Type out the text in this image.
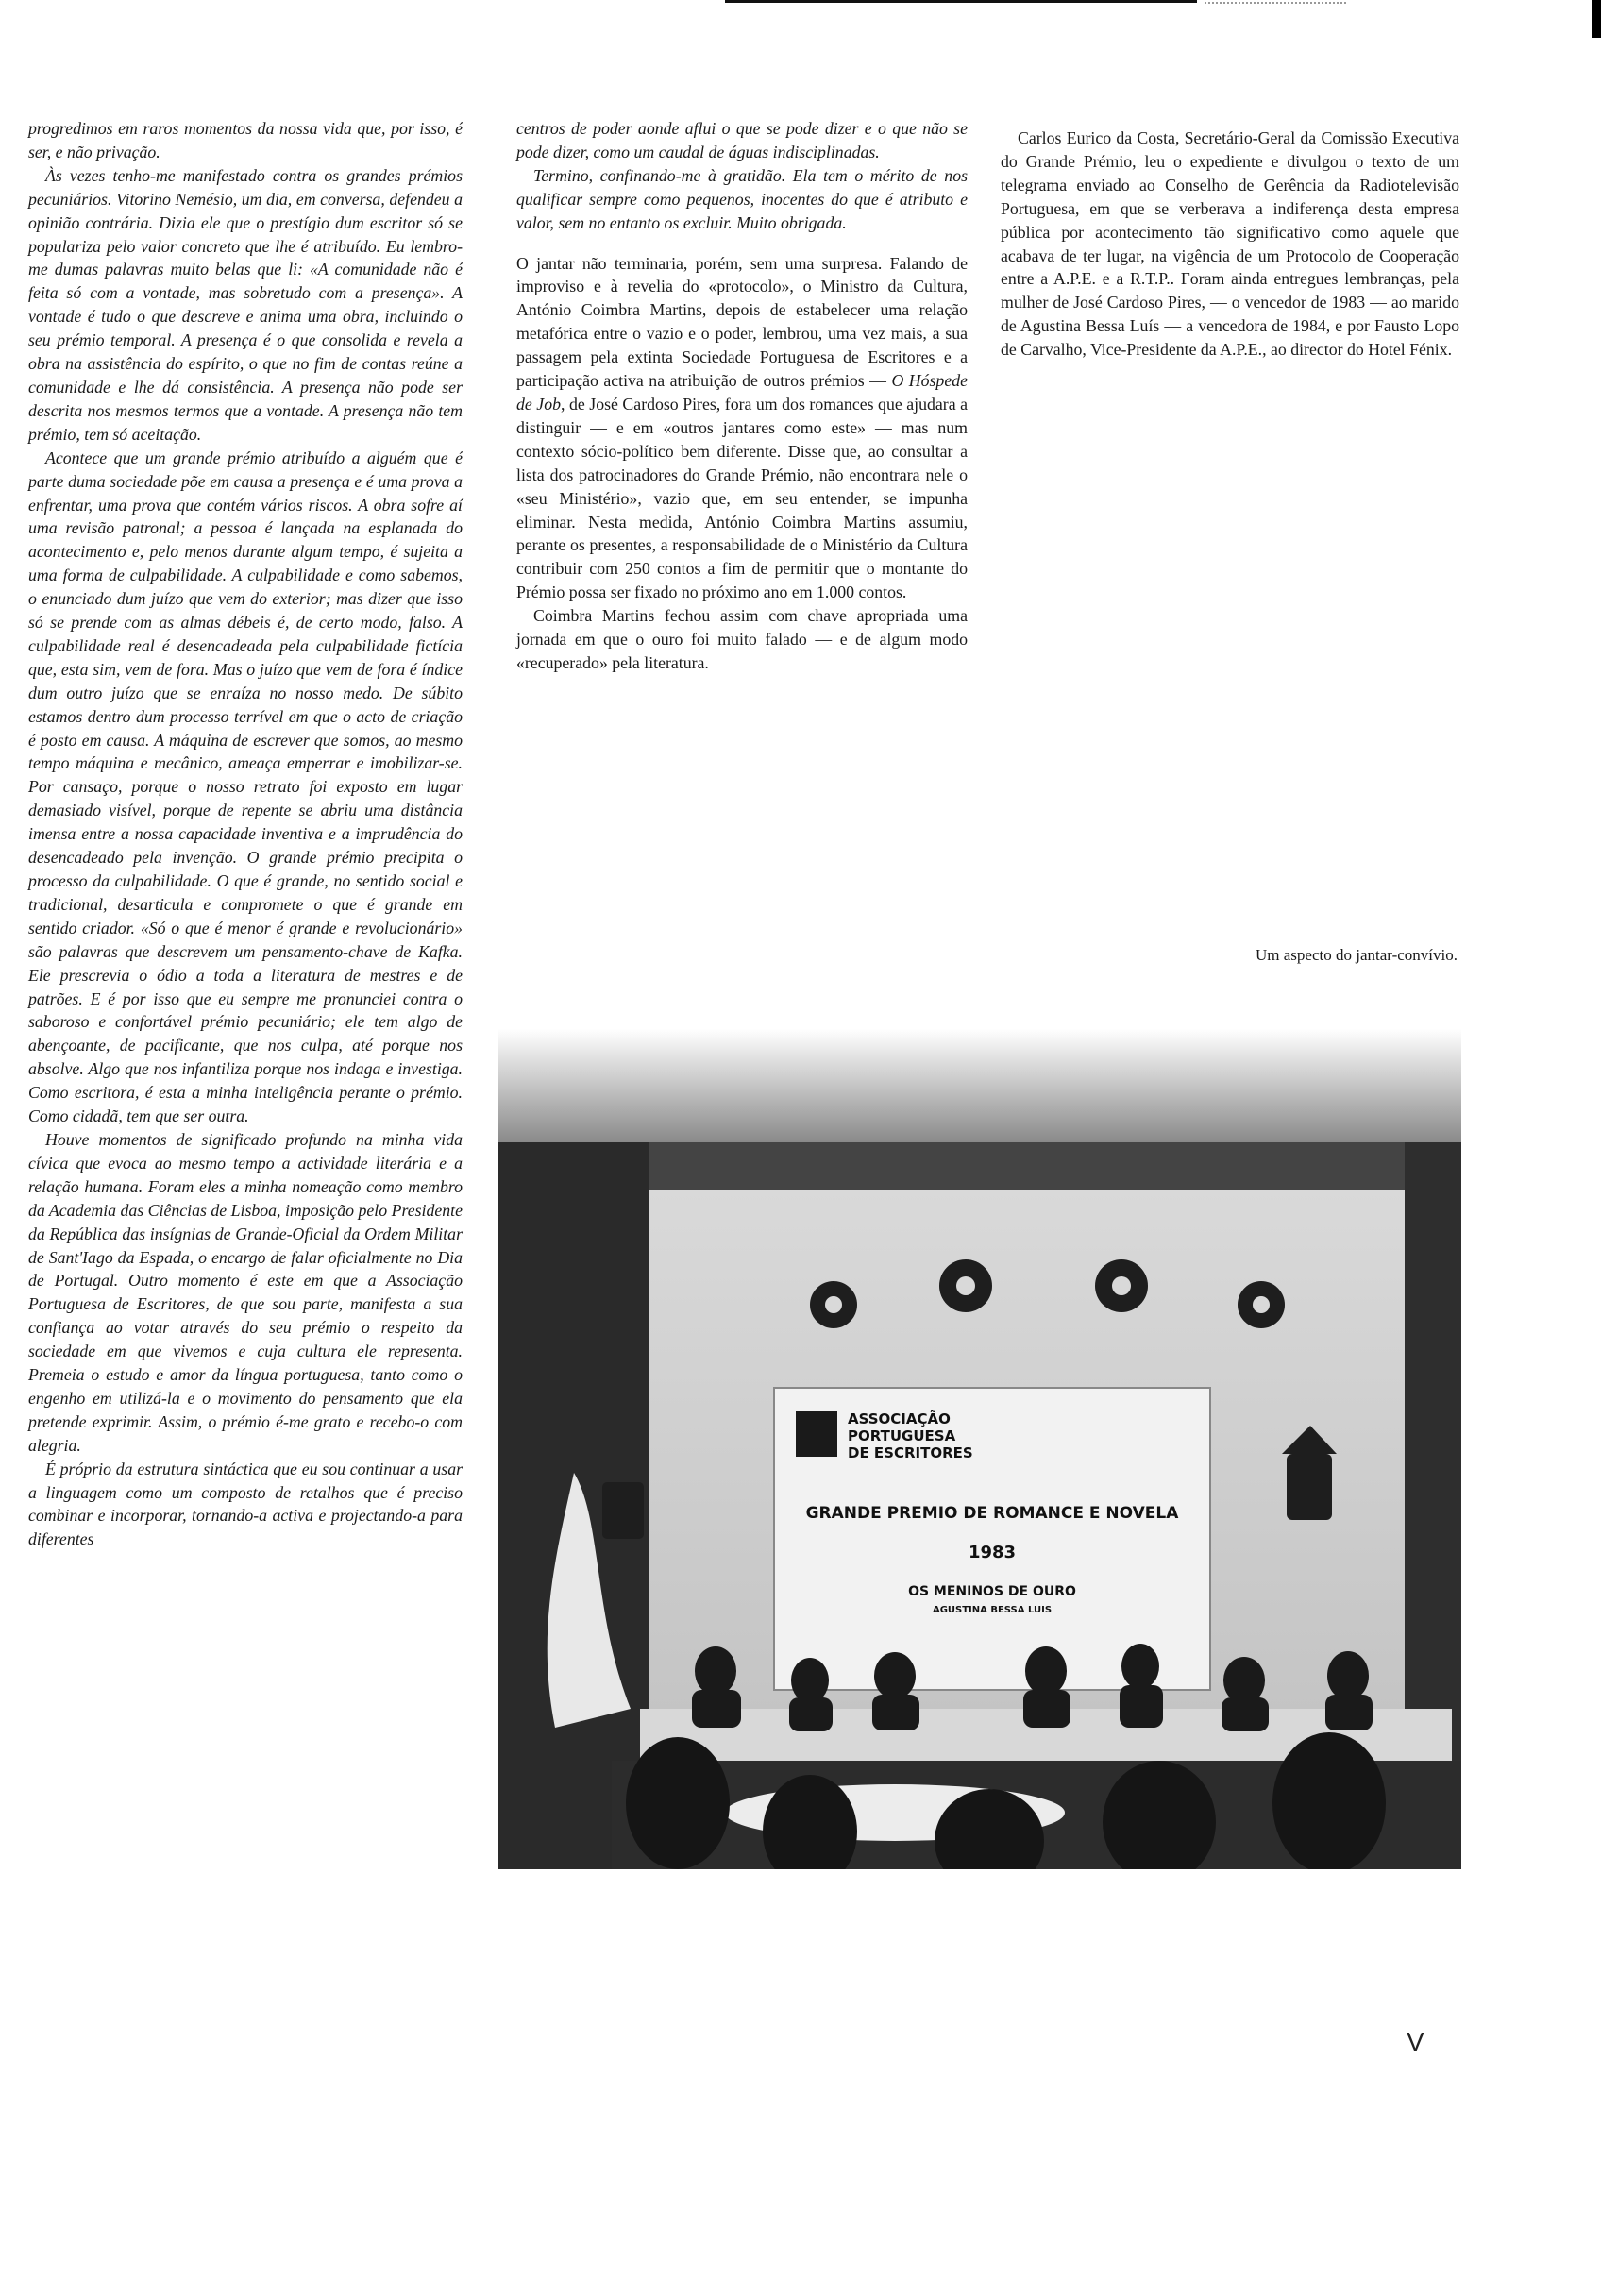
progredimos em raros momentos da nossa vida que, por isso, é ser, e não privação.

Às vezes tenho-me manifestado contra os grandes prémios pecuniários. Vitorino Nemésio, um dia, em conversa, defendeu a opinião contrária. Dizia ele que o prestígio dum escritor só se populariza pelo valor concreto que lhe é atribuído. Eu lembro-me dumas palavras muito belas que li: «A comunidade não é feita só com a vontade, mas sobretudo com a presença». A vontade é tudo o que descreve e anima uma obra, incluindo o seu prémio temporal. A presença é o que consolida e revela a obra na assistência do espírito, o que no fim de contas reúne a comunidade e lhe dá consistência. A presença não pode ser descrita nos mesmos termos que a vontade. A presença não tem prémio, tem só aceitação.

Acontece que um grande prémio atribuído a alguém que é parte duma sociedade põe em causa a presença e é uma prova a enfrentar, uma prova que contém vários riscos. A obra sofre aí uma revisão patronal; a pessoa é lançada na esplanada do acontecimento e, pelo menos durante algum tempo, é sujeita a uma forma de culpabilidade. A culpabilidade e como sabemos, o enunciado dum juízo que vem do exterior; mas dizer que isso só se prende com as almas débeis é, de certo modo, falso. A culpabilidade real é desencadeada pela culpabilidade fictícia que, esta sim, vem de fora. Mas o juízo que vem de fora é índice dum outro juízo que se enraíza no nosso medo. De súbito estamos dentro dum processo terrível em que o acto de criação é posto em causa. A máquina de escrever que somos, ao mesmo tempo máquina e mecânico, ameaça emperrar e imobilizar-se. Por cansaço, porque o nosso retrato foi exposto em lugar demasiado visível, porque de repente se abriu uma distância imensa entre a nossa capacidade inventiva e a imprudência do desencadeado pela invenção. O grande prémio precipita o processo da culpabilidade. O que é grande, no sentido social e tradicional, desarticula e compromete o que é grande em sentido criador. «Só o que é menor é grande e revolucionário» são palavras que descrevem um pensamento-chave de Kafka. Ele prescrevia o ódio a toda a literatura de mestres e de patrões. E é por isso que eu sempre me pronunciei contra o saboroso e confortável prémio pecuniário; ele tem algo de abençoante, de pacificante, que nos culpa, até porque nos absolve. Algo que nos infantiliza porque nos indaga e investiga. Como escritora, é esta a minha inteligência perante o prémio. Como cidadã, tem que ser outra.

Houve momentos de significado profundo na minha vida cívica que evoca ao mesmo tempo a actividade literária e a relação humana. Foram eles a minha nomeação como membro da Academia das Ciências de Lisboa, imposição pelo Presidente da República das insígnias de Grande-Oficial da Ordem Militar de Sant'Iago da Espada, o encargo de falar oficialmente no Dia de Portugal. Outro momento é este em que a Associação Portuguesa de Escritores, de que sou parte, manifesta a sua confiança ao votar através do seu prémio o respeito da sociedade em que vivemos e cuja cultura ele representa. Premeia o estudo e amor da língua portuguesa, tanto como o engenho em utilizá-la e o movimento do pensamento que ela pretende exprimir. Assim, o prémio é-me grato e recebo-o com alegria.

É próprio da estrutura sintáctica que eu sou continuar a usar a linguagem como um composto de retalhos que é preciso combinar e incorporar, tornando-a activa e projectando-a para diferentes

centros de poder aonde aflui o que se pode dizer e o que não se pode dizer, como um caudal de águas indisciplinadas.

Termino, confinando-me à gratidão. Ela tem o mérito de nos qualificar sempre como pequenos, inocentes do que é atributo e valor, sem no entanto os excluir. Muito obrigada.

O jantar não terminaria, porém, sem uma surpresa. Falando de improviso e à revelia do «protocolo», o Ministro da Cultura, António Coimbra Martins, depois de estabelecer uma relação metafórica entre o vazio e o poder, lembrou, uma vez mais, a sua passagem pela extinta Sociedade Portuguesa de Escritores e a participação activa na atribuição de outros prémios — O Hóspede de Job, de José Cardoso Pires, fora um dos romances que ajudara a distinguir — e em «outros jantares como este» — mas num contexto sócio-político bem diferente. Disse que, ao consultar a lista dos patrocinadores do Grande Prémio, não encontrara nele o «seu Ministério», vazio que, em seu entender, se impunha eliminar. Nesta medida, António Coimbra Martins assumiu, perante os presentes, a responsabilidade de o Ministério da Cultura contribuir com 250 contos a fim de permitir que o montante do Prémio possa ser fixado no próximo ano em 1.000 contos.

Coimbra Martins fechou assim com chave apropriada uma jornada em que o ouro foi muito falado — e de algum modo «recuperado» pela literatura.

Carlos Eurico da Costa, Secretário-Geral da Comissão Executiva do Grande Prémio, leu o expediente e divulgou o texto de um telegrama enviado ao Conselho de Gerência da Radiotelevisão Portuguesa, em que se verberava a indiferença desta empresa pública por acontecimento tão significativo como aquele que acabava de ter lugar, na vigência de um Protocolo de Cooperação entre a A.P.E. e a R.T.P.. Foram ainda entregues lembranças, pela mulher de José Cardoso Pires, — o vencedor de 1983 — ao marido de Agustina Bessa Luís — a vencedora de 1984, e por Fausto Lopo de Carvalho, Vice-Presidente da A.P.E., ao director do Hotel Fénix.

Um aspecto do jantar-convívio.
ASSOCIAÇÃO
PORTUGUESA
DE ESCRITORES
GRANDE PREMIO DE ROMANCE E NOVELA
1983
OS MENINOS DE OURO
AGUSTINA BESSA LUIS
V
